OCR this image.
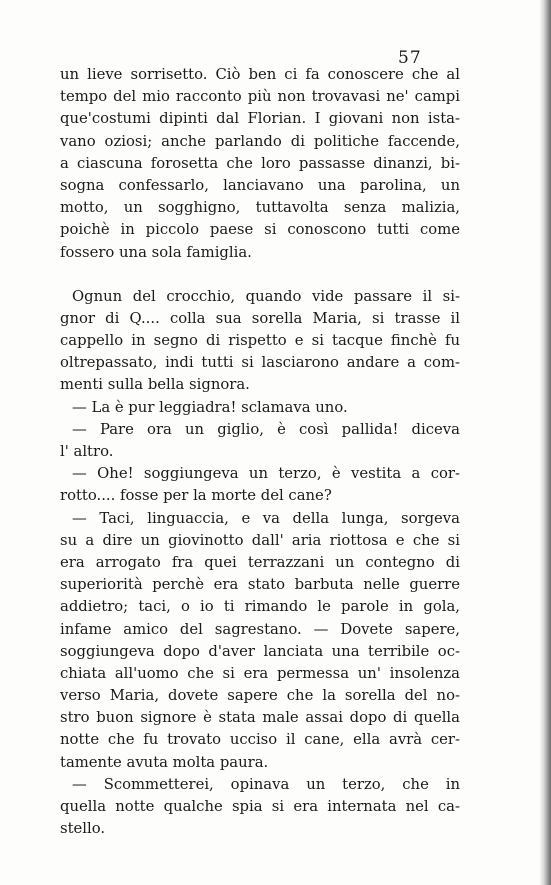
57
un lieve sorrisetto. Ciò ben ci fa conoscere che al
tempo del mio racconto più non trovavasi ne' campi
que'costumi dipinti dal Florian. I giovani non ista-
vano oziosi; anche parlando di politiche faccende,
a ciascuna forosetta che loro passasse dinanzi, bi-
sogna confessarlo, lanciavano una parolina, un
motto, un sogghigno, tuttavolta senza malizia,
poichè in piccolo paese si conoscono tutti come
fossero una sola famiglia.
Ognun del crocchio, quando vide passare il si-
gnor di Q.... colla sua sorella Maria, si trasse il
cappello in segno di rispetto e si tacque finchè fu
oltrepassato, indi tutti si lasciarono andare a com-
menti sulla bella signora.
— La è pur leggiadra! sclamava uno.
— Pare ora un giglio, è così pallida! diceva
l' altro.
— Ohe! soggiungeva un terzo, è vestita a cor-
rotto.... fosse per la morte del cane?
— Taci, linguaccia, e va della lunga, sorgeva
su a dire un giovinotto dall' aria riottosa e che si
era arrogato fra quei terrazzani un contegno di
superiorità perchè era stato barbuta nelle guerre
addietro; taci, o io ti rimando le parole in gola,
infame amico del sagrestano. — Dovete sapere,
soggiungeva dopo d'aver lanciata una terribile oc-
chiata all'uomo che si era permessa un' insolenza
verso Maria, dovete sapere che la sorella del no-
stro buon signore è stata male assai dopo di quella
notte che fu trovato ucciso il cane, ella avrà cer-
tamente avuta molta paura.
— Scommetterei, opinava un terzo, che in
quella notte qualche spia si era internata nel ca-
stello.
